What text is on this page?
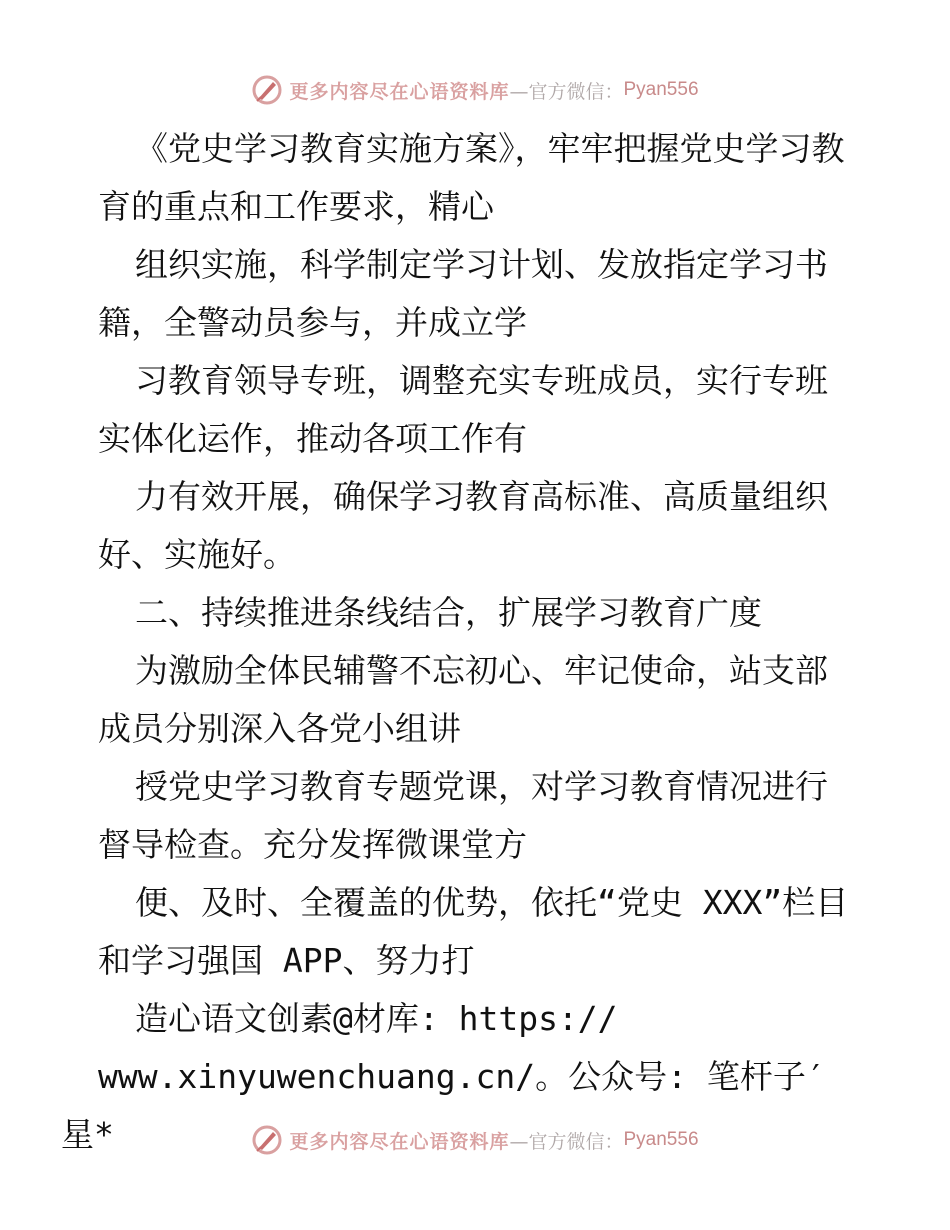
更多内容尽在心语资料库 —官方微信： Pyan556

《党史学习教育实施方案》，牢牢把握党史学习教育的重点和工作要求，精心

组织实施，科学制定学习计划、发放指定学习书籍，全警动员参与，并成立学

习教育领导专班，调整充实专班成员，实行专班实体化运作，推动各项工作有

力有效开展，确保学习教育高标准、高质量组织好、实施好。

二、持续推进条线结合，扩展学习教育广度

为激励全体民辅警不忘初心、牢记使命，站支部成员分别深入各党小组讲

授党史学习教育专题党课，对学习教育情况进行督导检查。充分发挥微课堂方

便、及时、全覆盖的优势，依托“党史 XXX”栏目和学习强国 APP、努力打

造心语文创素@材库: https://
www.xinyuwenchuang.cn/。公众号: 笔杆子′星*	更多内容尽在心语资料库 —官方微信： Pyan556
